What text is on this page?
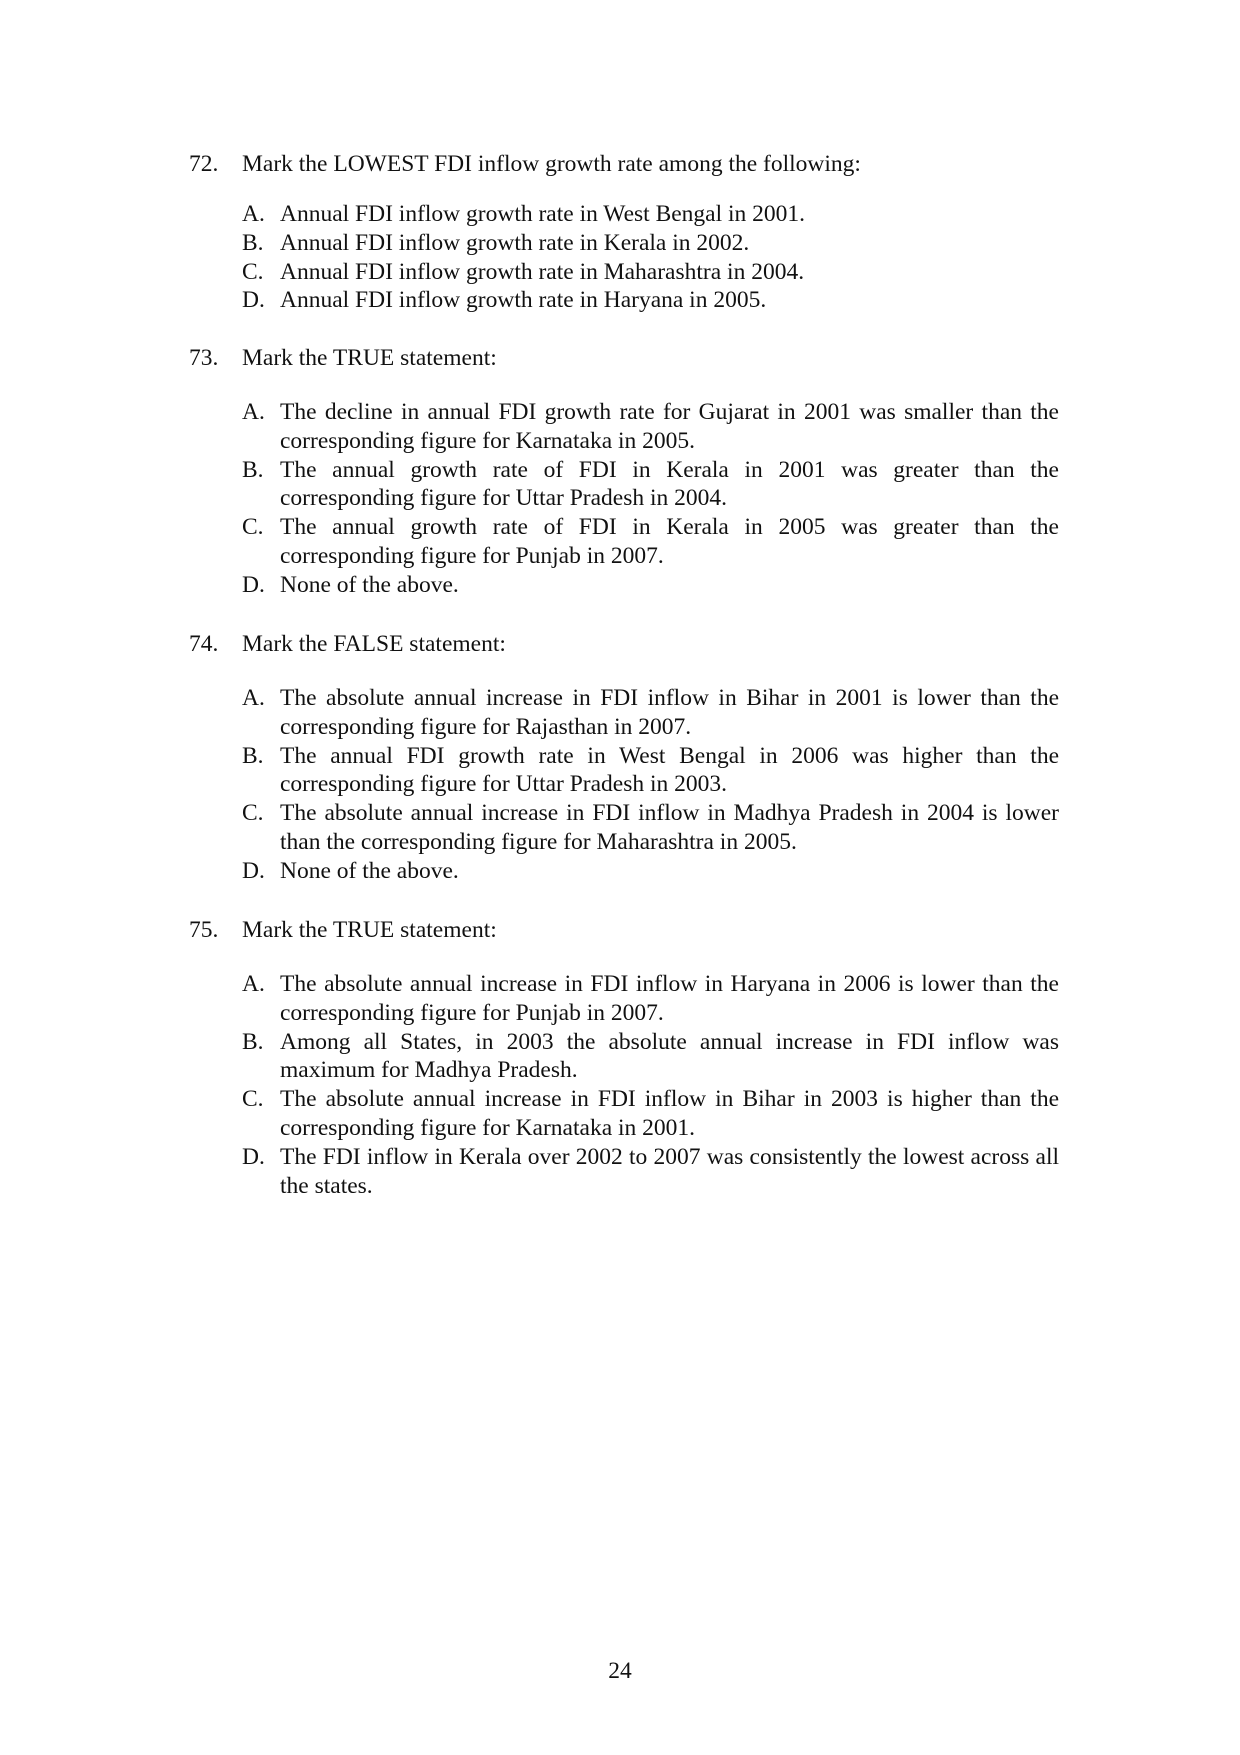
72. Mark the LOWEST FDI inflow growth rate among the following:
A. Annual FDI inflow growth rate in West Bengal in 2001.
B. Annual FDI inflow growth rate in Kerala in 2002.
C. Annual FDI inflow growth rate in Maharashtra in 2004.
D. Annual FDI inflow growth rate in Haryana in 2005.
73. Mark the TRUE statement:
A. The decline in annual FDI growth rate for Gujarat in 2001 was smaller than the corresponding figure for Karnataka in 2005.
B. The annual growth rate of FDI in Kerala in 2001 was greater than the corresponding figure for Uttar Pradesh in 2004.
C. The annual growth rate of FDI in Kerala in 2005 was greater than the corresponding figure for Punjab in 2007.
D. None of the above.
74. Mark the FALSE statement:
A. The absolute annual increase in FDI inflow in Bihar in 2001 is lower than the corresponding figure for Rajasthan in 2007.
B. The annual FDI growth rate in West Bengal in 2006 was higher than the corresponding figure for Uttar Pradesh in 2003.
C. The absolute annual increase in FDI inflow in Madhya Pradesh in 2004 is lower than the corresponding figure for Maharashtra in 2005.
D. None of the above.
75. Mark the TRUE statement:
A. The absolute annual increase in FDI inflow in Haryana in 2006 is lower than the corresponding figure for Punjab in 2007.
B. Among all States, in 2003 the absolute annual increase in FDI inflow was maximum for Madhya Pradesh.
C. The absolute annual increase in FDI inflow in Bihar in 2003 is higher than the corresponding figure for Karnataka in 2001.
D. The FDI inflow in Kerala over 2002 to 2007 was consistently the lowest across all the states.
24
